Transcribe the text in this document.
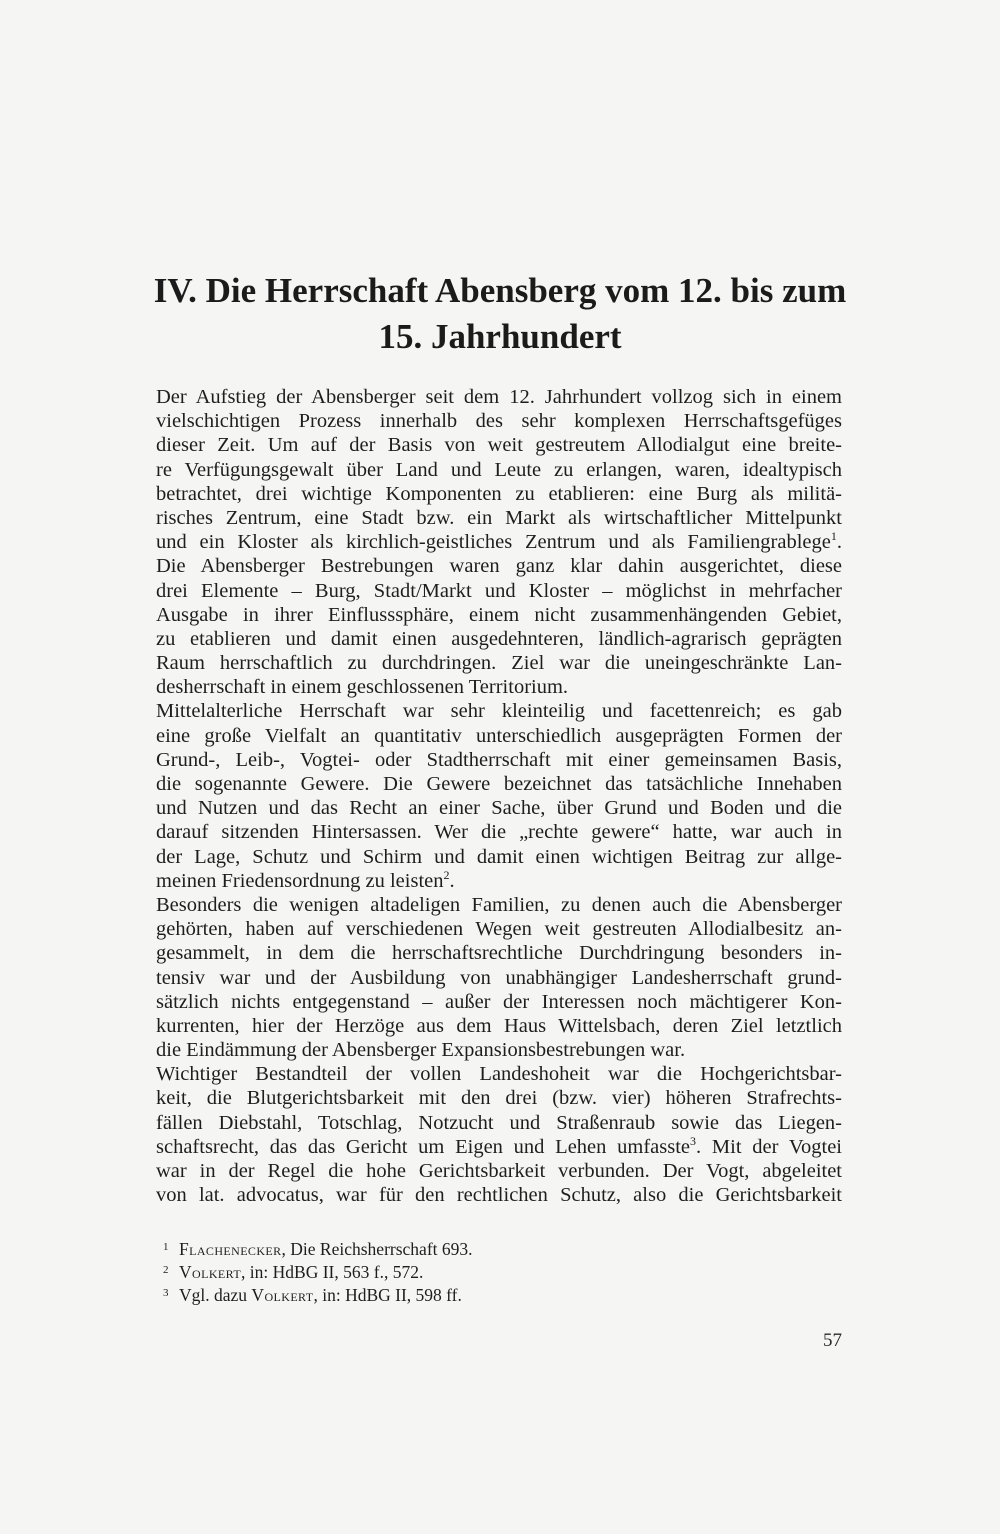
IV. Die Herrschaft Abensberg vom 12. bis zum
15. Jahrhundert
Der Aufstieg der Abensberger seit dem 12. Jahrhundert vollzog sich in einem
vielschichtigen Prozess innerhalb des sehr komplexen Herrschaftsgefüges
dieser Zeit. Um auf der Basis von weit gestreutem Allodialgut eine breite-
re Verfügungsgewalt über Land und Leute zu erlangen, waren, idealtypisch
betrachtet, drei wichtige Komponenten zu etablieren: eine Burg als militä-
risches Zentrum, eine Stadt bzw. ein Markt als wirtschaftlicher Mittelpunkt
und ein Kloster als kirchlich-geistliches Zentrum und als Familiengrablege$^1$.
Die Abensberger Bestrebungen waren ganz klar dahin ausgerichtet, diese
drei Elemente – Burg, Stadt/Markt und Kloster – möglichst in mehrfacher
Ausgabe in ihrer Einflusssphäre, einem nicht zusammenhängenden Gebiet,
zu etablieren und damit einen ausgedehnteren, ländlich-agrarisch geprägten
Raum herrschaftlich zu durchdringen. Ziel war die uneingeschränkte Lan-
desherrschaft in einem geschlossenen Territorium.
Mittelalterliche Herrschaft war sehr kleinteilig und facettenreich; es gab
eine große Vielfalt an quantitativ unterschiedlich ausgeprägten Formen der
Grund-, Leib-, Vogtei- oder Stadtherrschaft mit einer gemeinsamen Basis,
die sogenannte Gewere. Die Gewere bezeichnet das tatsächliche Innehaben
und Nutzen und das Recht an einer Sache, über Grund und Boden und die
darauf sitzenden Hintersassen. Wer die „rechte gewere“ hatte, war auch in
der Lage, Schutz und Schirm und damit einen wichtigen Beitrag zur allge-
meinen Friedensordnung zu leisten$^2$.
Besonders die wenigen altadeligen Familien, zu denen auch die Abensberger
gehörten, haben auf verschiedenen Wegen weit gestreuten Allodialbesitz an-
gesammelt, in dem die herrschaftsrechtliche Durchdringung besonders in-
tensiv war und der Ausbildung von unabhängiger Landesherrschaft grund-
sätzlich nichts entgegenstand – außer der Interessen noch mächtigerer Kon-
kurrenten, hier der Herzöge aus dem Haus Wittelsbach, deren Ziel letztlich
die Eindämmung der Abensberger Expansionsbestrebungen war.
Wichtiger Bestandteil der vollen Landeshoheit war die Hochgerichtsbar-
keit, die Blutgerichtsbarkeit mit den drei (bzw. vier) höheren Strafrechts-
fällen Diebstahl, Totschlag, Notzucht und Straßenraub sowie das Liegen-
schaftsrecht, das das Gericht um Eigen und Lehen umfasste$^3$. Mit der Vogtei
war in der Regel die hohe Gerichtsbarkeit verbunden. Der Vogt, abgeleitet
von lat. advocatus, war für den rechtlichen Schutz, also die Gerichtsbarkeit
1 Flachenecker, Die Reichsherrschaft 693.
2 Volkert, in: HdBG II, 563 f., 572.
3 Vgl. dazu Volkert, in: HdBG II, 598 ff.
57
